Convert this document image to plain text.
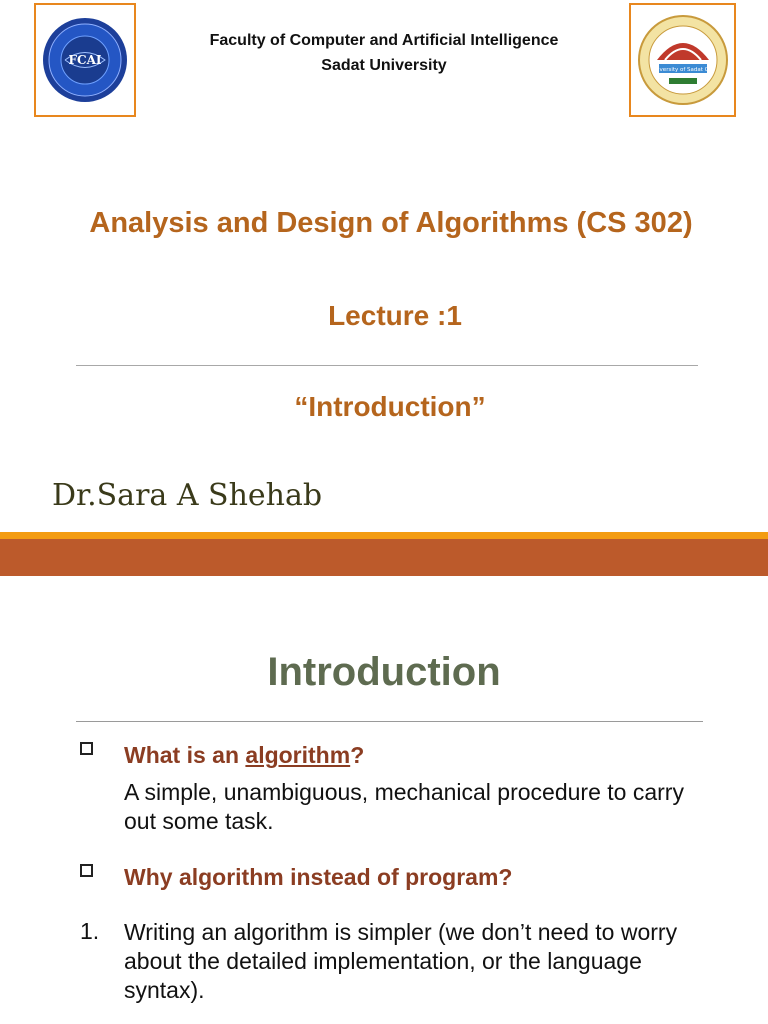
FCAI
Faculty of Computer and Artificial Intelligence
Sadat University	University of Sadat City
Analysis and Design of Algorithms (CS 302)
Lecture :1
“Introduction”
Dr.Sara A Shehab
Introduction
What is an algorithm?
A simple, unambiguous, mechanical procedure to carry out some task.
Why algorithm instead of program?
1. Writing an algorithm is simpler (we don’t need to worry about the detailed implementation, or the language syntax).
